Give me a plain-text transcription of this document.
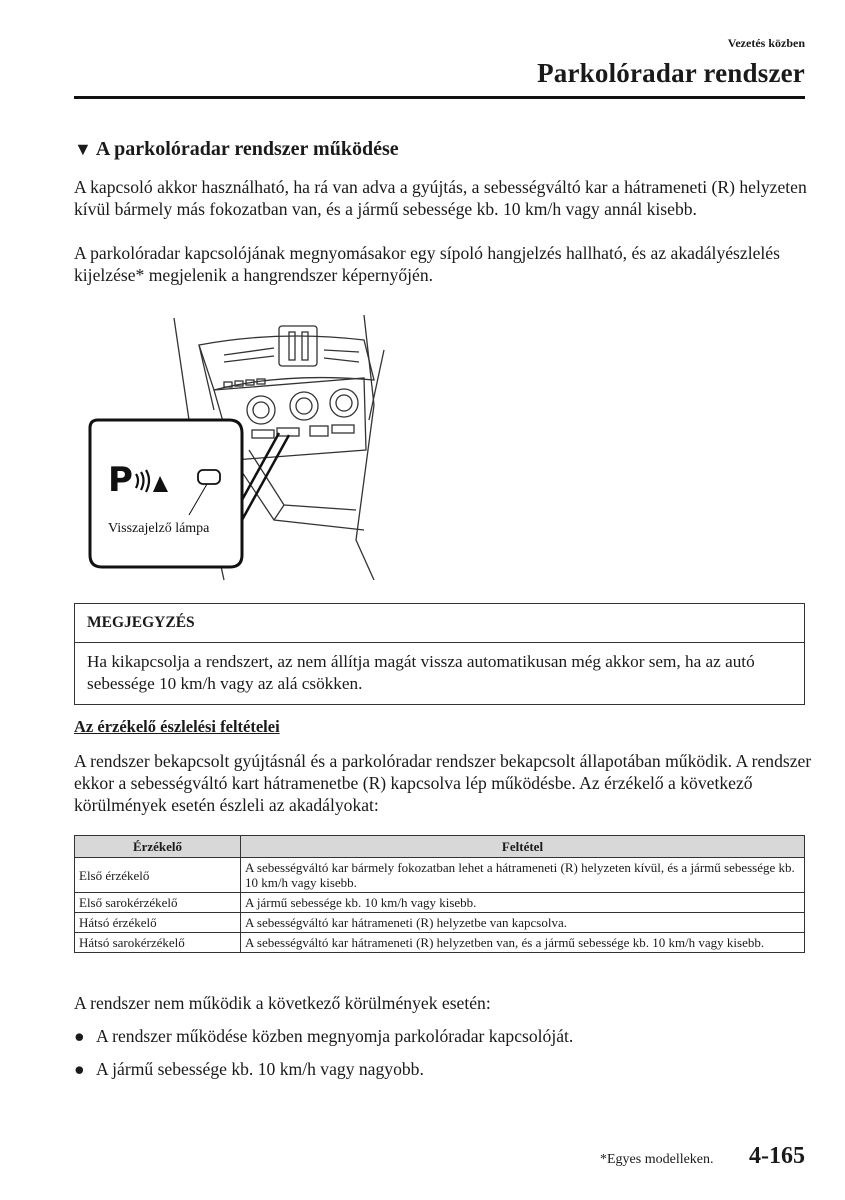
Vezetés közben
Parkolóradar rendszer
▼ A parkolóradar rendszer működése
A kapcsoló akkor használható, ha rá van adva a gyújtás, a sebességváltó kar a hátrameneti (R) helyzeten kívül bármely más fokozatban van, és a jármű sebessége kb. 10 km/h vagy annál kisebb.
A parkolóradar kapcsolójának megnyomásakor egy sípoló hangjelzés hallható, és az akadályészlelés kijelzése* megjelenik a hangrendszer képernyőjén.
P
Visszajelző lámpa
MEGJEGYZÉS
Ha kikapcsolja a rendszert, az nem állítja magát vissza automatikusan még akkor sem, ha az autó sebessége 10 km/h vagy az alá csökken.
Az érzékelő észlelési feltételei
A rendszer bekapcsolt gyújtásnál és a parkolóradar rendszer bekapcsolt állapotában működik. A rendszer ekkor a sebességváltó kart hátramenetbe (R) kapcsolva lép működésbe. Az érzékelő a következő körülmények esetén észleli az akadályokat:
Érzékelő	Feltétel
Első érzékelő	A sebességváltó kar bármely fokozatban lehet a hátrameneti (R) helyzeten kívül, és a jármű sebessége kb. 10 km/h vagy kisebb.
Első sarokérzékelő	A jármű sebessége kb. 10 km/h vagy kisebb.
Hátsó érzékelő	A sebességváltó kar hátrameneti (R) helyzetbe van kapcsolva.
Hátsó sarokérzékelő	A sebességváltó kar hátrameneti (R) helyzetben van, és a jármű sebessége kb. 10 km/h vagy kisebb.
A rendszer nem működik a következő körülmények esetén:
● A rendszer működése közben megnyomja parkolóradar kapcsolóját.
● A jármű sebessége kb. 10 km/h vagy nagyobb.
*Egyes modelleken. 4-165
